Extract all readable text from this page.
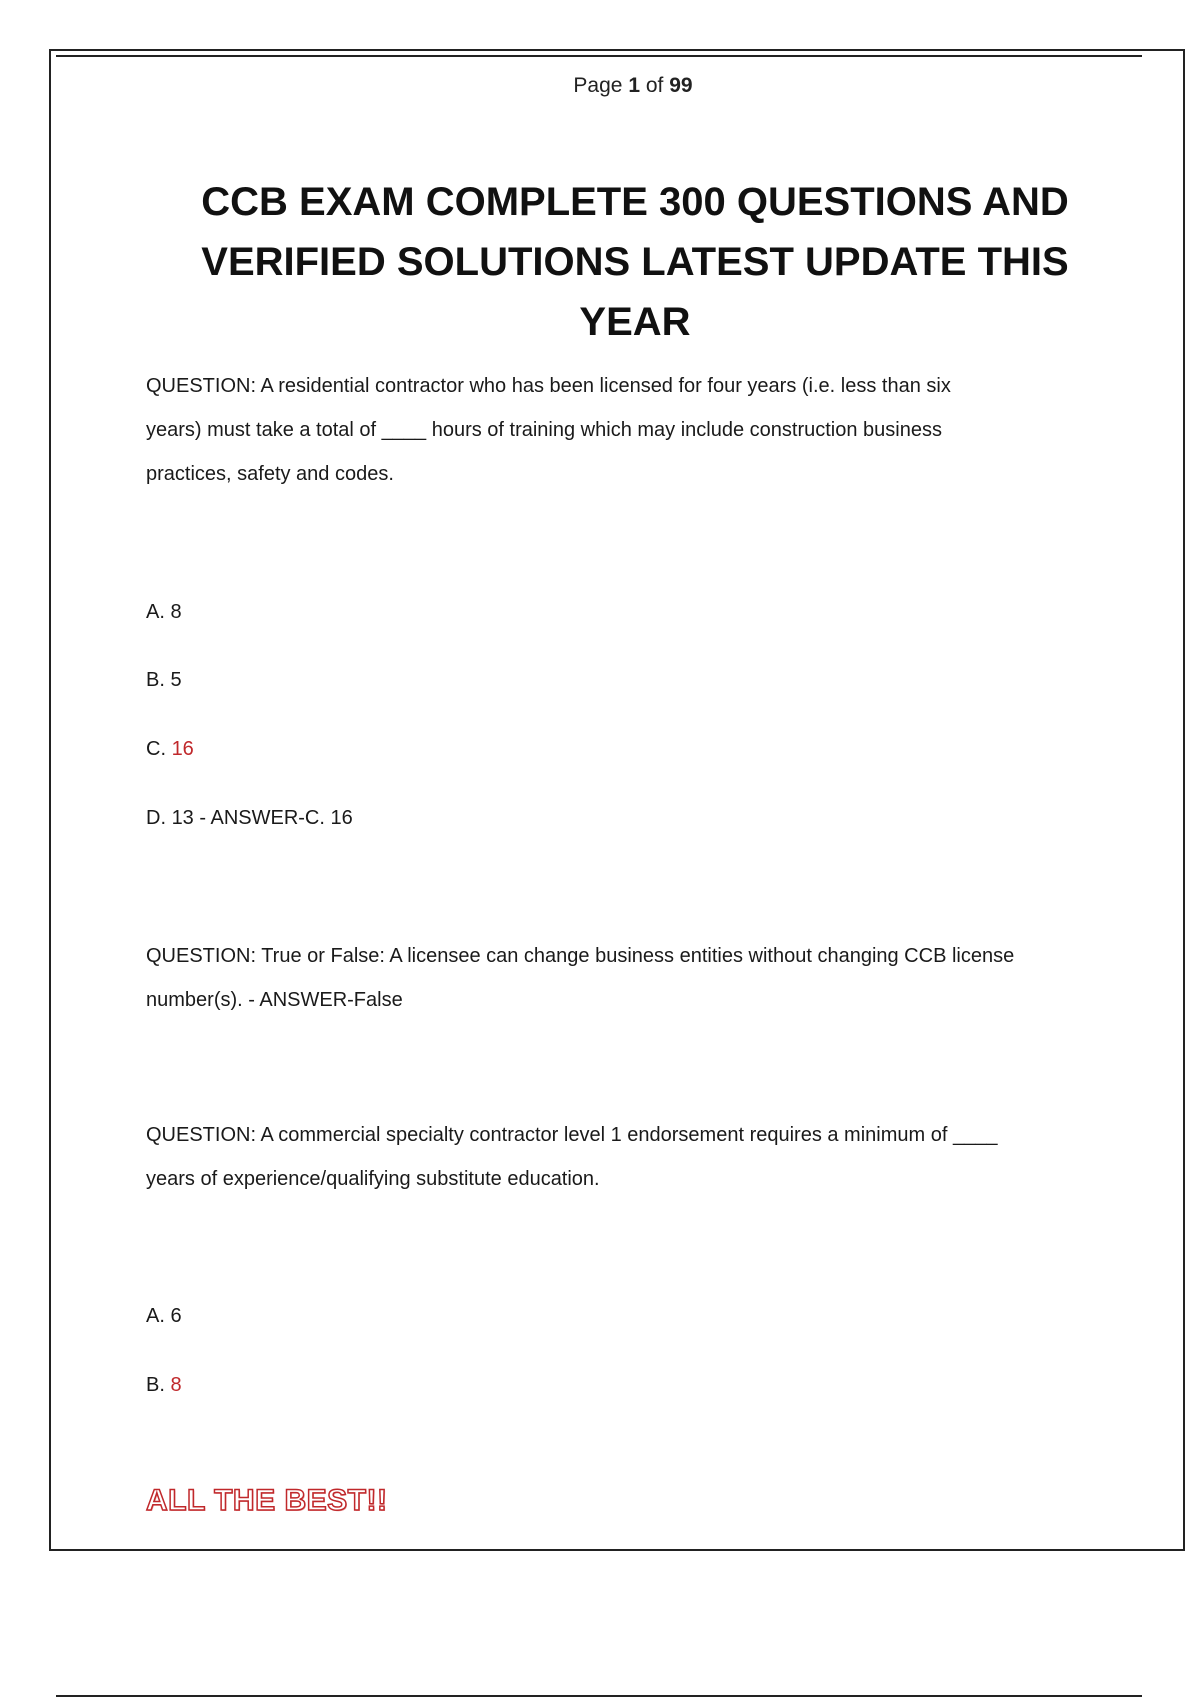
Page 1 of 99
CCB EXAM COMPLETE 300 QUESTIONS AND
VERIFIED SOLUTIONS LATEST UPDATE THIS
YEAR

QUESTION: A residential contractor who has been licensed for four years (i.e. less than six
years) must take a total of ____ hours of training which may include construction business
practices, safety and codes.

A. 8

B. 5

C. 16

D. 13 - ANSWER-C. 16

QUESTION: True or False: A licensee can change business entities without changing CCB license
number(s). - ANSWER-False

QUESTION: A commercial specialty contractor level 1 endorsement requires a minimum of ____
years of experience/qualifying substitute education.

A. 6

B. 8

ALL THE BEST!!
